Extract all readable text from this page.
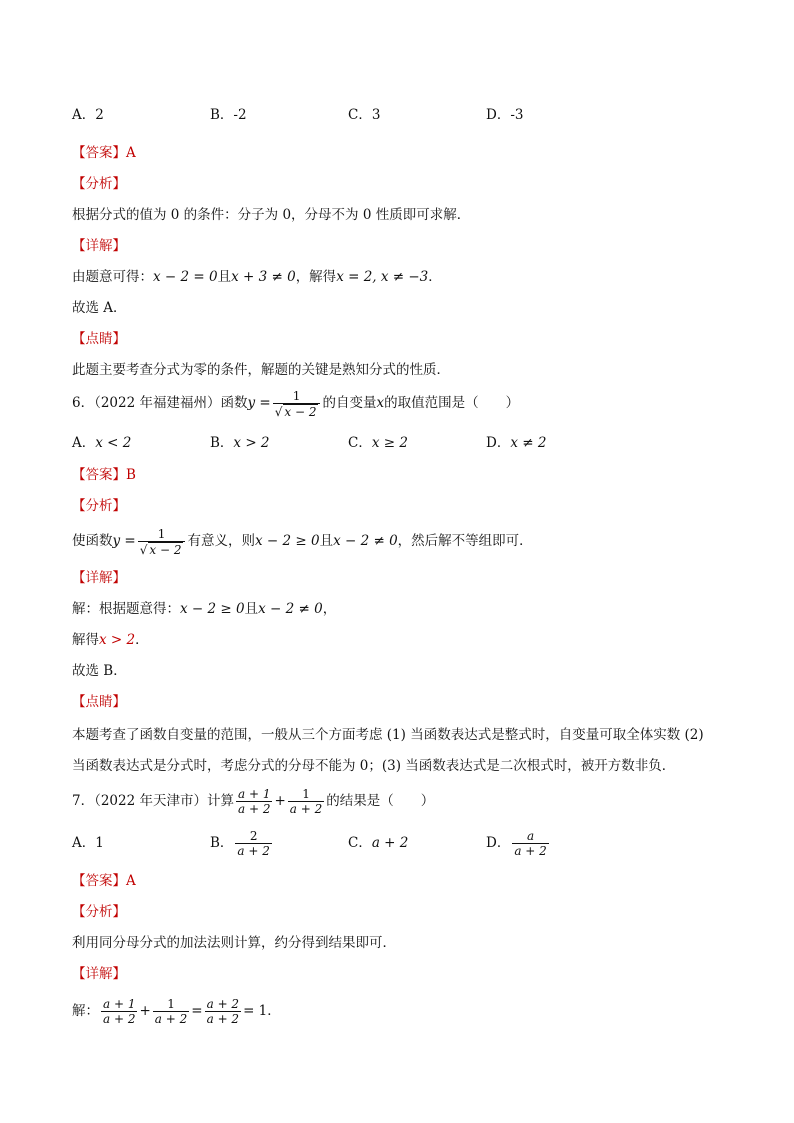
A．2	B．-2	C．3	D．-3
【答案】A
【分析】
根据分式的值为 0 的条件：分子为 0，分母不为 0 性质即可求解．
【详解】
由题意可得：x − 2 = 0且x + 3 ≠ 0，解得x = 2, x ≠ −3．
故选 A．
【点睛】
此题主要考查分式为零的条件，解题的关键是熟知分式的性质．
6．（2022 年福建福州）函数$y = \frac{1}{√ x - 2}$ 的自变量x的取值范围是（　　）
A．x < 2	B．x > 2	C．x ≥ 2	D．x ≠ 2
【答案】B
【分析】
使函数$y = \frac{1}{√ x - 2}$ 有意义，则x − 2 ≥ 0且x − 2 ≠ 0，然后解不等组即可．
【详解】
解：根据题意得：x − 2 ≥ 0且x − 2 ≠ 0，
解得x > 2．
故选 B．
【点睛】
本题考查了函数自变量的范围，一般从三个方面考虑 (1) 当函数表达式是整式时，自变量可取全体实数 (2)
当函数表达式是分式时，考虑分式的分母不能为 0；(3) 当函数表达式是二次根式时，被开方数非负．
7．（2022 年天津市）计算 $\frac{a + 1}{a + 2} + \frac{1}{a + 2}$ 的结果是（　　）
A．1	B． $\frac{2}{a + 2}$	C．a + 2	D． $\frac{a}{a + 2}$
【答案】A
【分析】
利用同分母分式的加法法则计算，约分得到结果即可．
【详解】
解： $\frac{a + 1}{a + 2} + \frac{1}{a + 2} = \frac{a + 2}{a + 2} = 1$．
